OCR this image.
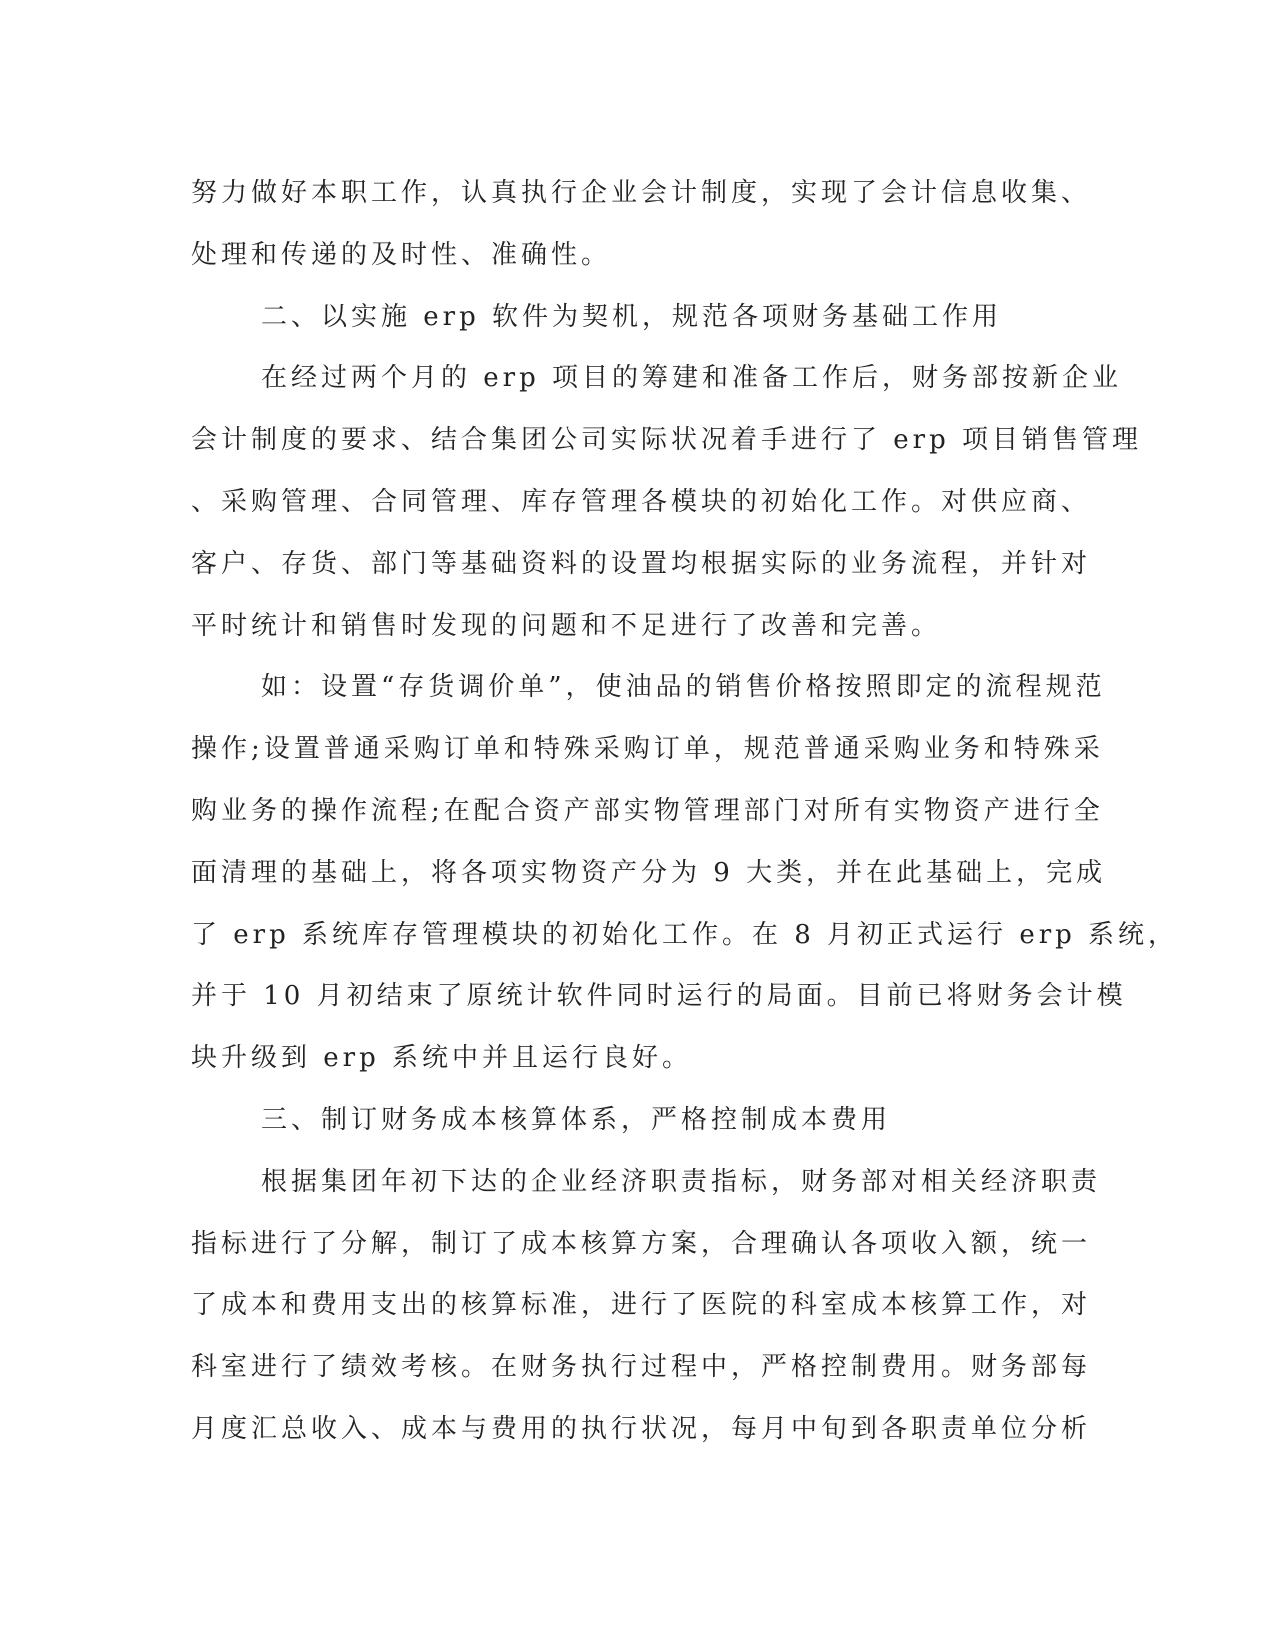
努力做好本职工作，认真执行企业会计制度，实现了会计信息收集、
处理和传递的及时性、准确性。
二、以实施 erp 软件为契机，规范各项财务基础工作用
在经过两个月的 erp 项目的筹建和准备工作后，财务部按新企业
会计制度的要求、结合集团公司实际状况着手进行了 erp 项目销售管理
、采购管理、合同管理、库存管理各模块的初始化工作。对供应商、
客户、存货、部门等基础资料的设置均根据实际的业务流程，并针对
平时统计和销售时发现的问题和不足进行了改善和完善。
如：设置“存货调价单”，使油品的销售价格按照即定的流程规范
操作;设置普通采购订单和特殊采购订单，规范普通采购业务和特殊采
购业务的操作流程;在配合资产部实物管理部门对所有实物资产进行全
面清理的基础上，将各项实物资产分为 9 大类，并在此基础上，完成
了 erp 系统库存管理模块的初始化工作。在 8 月初正式运行 erp 系统，
并于 10 月初结束了原统计软件同时运行的局面。目前已将财务会计模
块升级到 erp 系统中并且运行良好。
三、制订财务成本核算体系，严格控制成本费用
根据集团年初下达的企业经济职责指标，财务部对相关经济职责
指标进行了分解，制订了成本核算方案，合理确认各项收入额，统一
了成本和费用支出的核算标准，进行了医院的科室成本核算工作，对
科室进行了绩效考核。在财务执行过程中，严格控制费用。财务部每
月度汇总收入、成本与费用的执行状况，每月中旬到各职责单位分析
